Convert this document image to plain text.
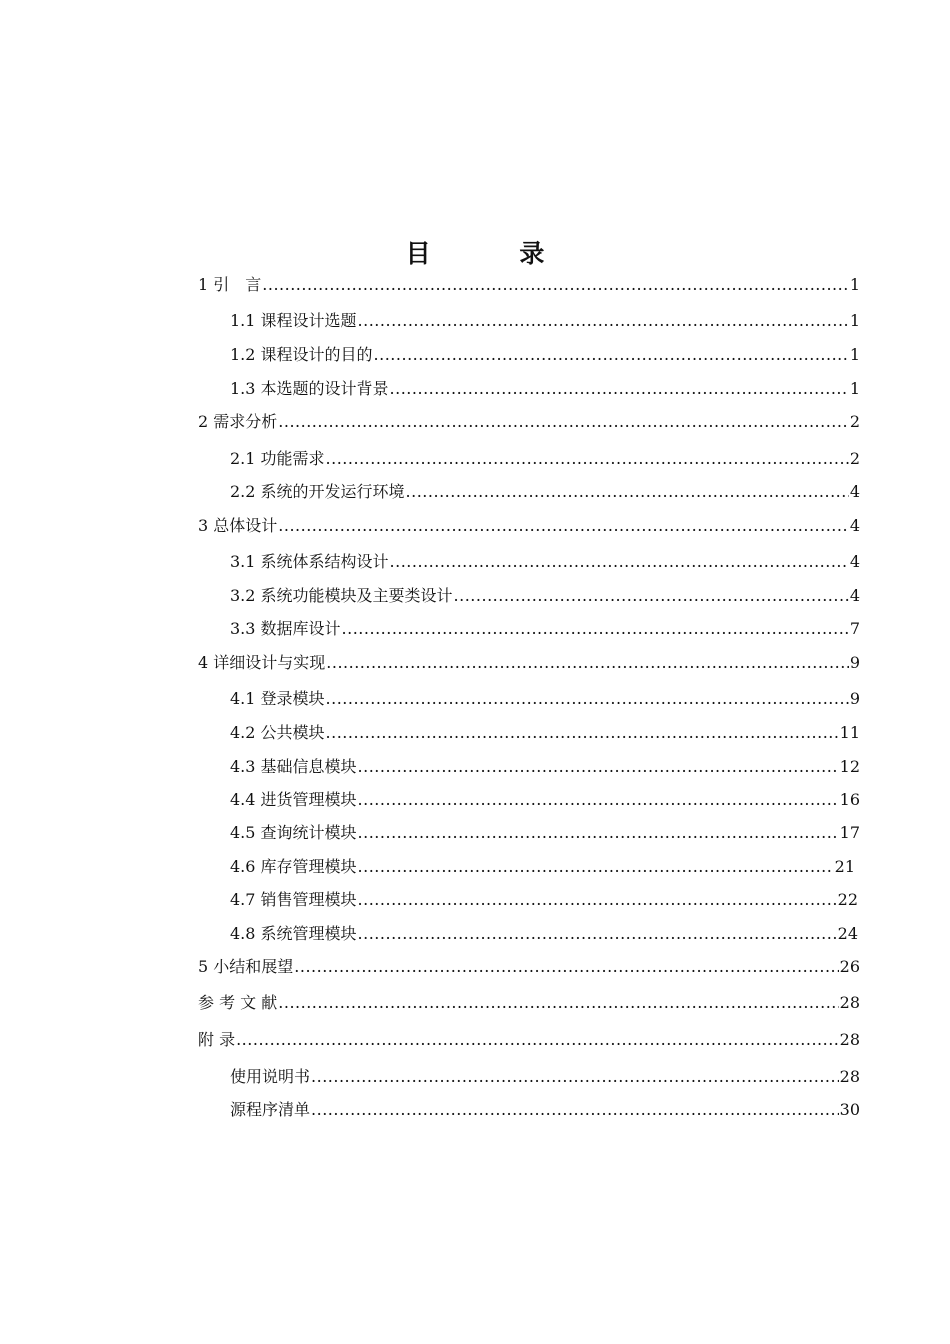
目 录
1 引　言 .....	1
1.1 课程设计选题 .....	1
1.2 课程设计的目的 .....	1
1.3 本选题的设计背景 .....	1
2 需求分析 .....	2
2.1 功能需求 .....	2
2.2 系统的开发运行环境 .....	4
3 总体设计 .....	4
3.1 系统体系结构设计 .....	4
3.2 系统功能模块及主要类设计 .....	4
3.3 数据库设计 .....	7
4 详细设计与实现 .....	9
4.1 登录模块 .....	9
4.2 公共模块 .....	11
4.3 基础信息模块 .....	12
4.4 进货管理模块 .....	16
4.5 查询统计模块 .....	17
4.6 库存管理模块 .....	21
4.7 销售管理模块 .....	22
4.8 系统管理模块 .....	24
5 小结和展望 .....	26
参 考 文 献 .....	28
附 录 .....	28
使用说明书 .....	28
源程序清单 .....	30
